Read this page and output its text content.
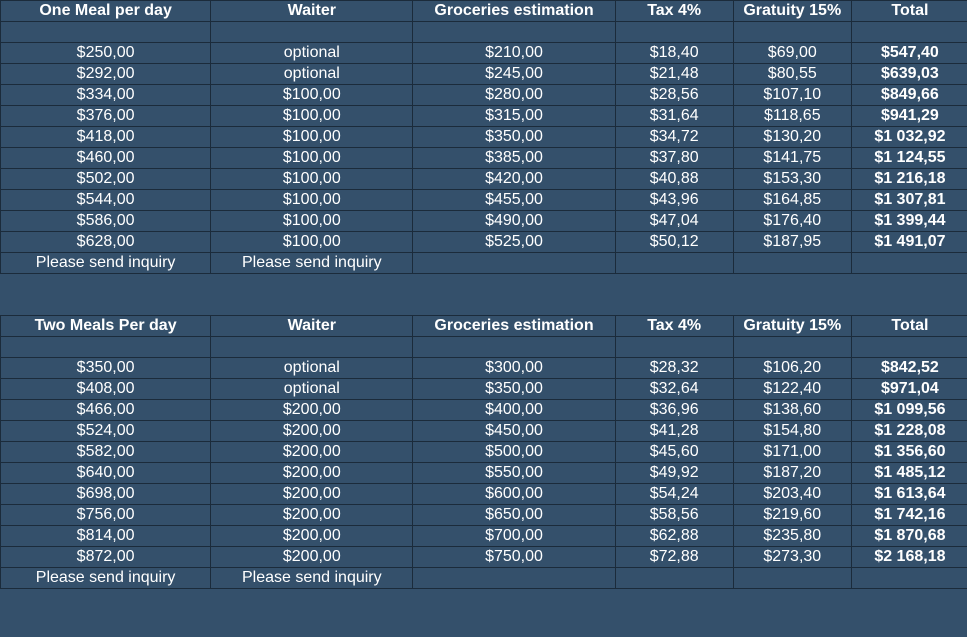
One Meal per day	Waiter	Groceries estimation	Tax 4%	Gratuity 15%	Total

$250,00	optional	$210,00	$18,40	$69,00	$547,40
$292,00	optional	$245,00	$21,48	$80,55	$639,03
$334,00	$100,00	$280,00	$28,56	$107,10	$849,66
$376,00	$100,00	$315,00	$31,64	$118,65	$941,29
$418,00	$100,00	$350,00	$34,72	$130,20	$1 032,92
$460,00	$100,00	$385,00	$37,80	$141,75	$1 124,55
$502,00	$100,00	$420,00	$40,88	$153,30	$1 216,18
$544,00	$100,00	$455,00	$43,96	$164,85	$1 307,81
$586,00	$100,00	$490,00	$47,04	$176,40	$1 399,44
$628,00	$100,00	$525,00	$50,12	$187,95	$1 491,07
Please send inquiry	Please send inquiry				

Two Meals Per day	Waiter	Groceries estimation	Tax 4%	Gratuity 15%	Total

$350,00	optional	$300,00	$28,32	$106,20	$842,52
$408,00	optional	$350,00	$32,64	$122,40	$971,04
$466,00	$200,00	$400,00	$36,96	$138,60	$1 099,56
$524,00	$200,00	$450,00	$41,28	$154,80	$1 228,08
$582,00	$200,00	$500,00	$45,60	$171,00	$1 356,60
$640,00	$200,00	$550,00	$49,92	$187,20	$1 485,12
$698,00	$200,00	$600,00	$54,24	$203,40	$1 613,64
$756,00	$200,00	$650,00	$58,56	$219,60	$1 742,16
$814,00	$200,00	$700,00	$62,88	$235,80	$1 870,68
$872,00	$200,00	$750,00	$72,88	$273,30	$2 168,18
Please send inquiry	Please send inquiry				
